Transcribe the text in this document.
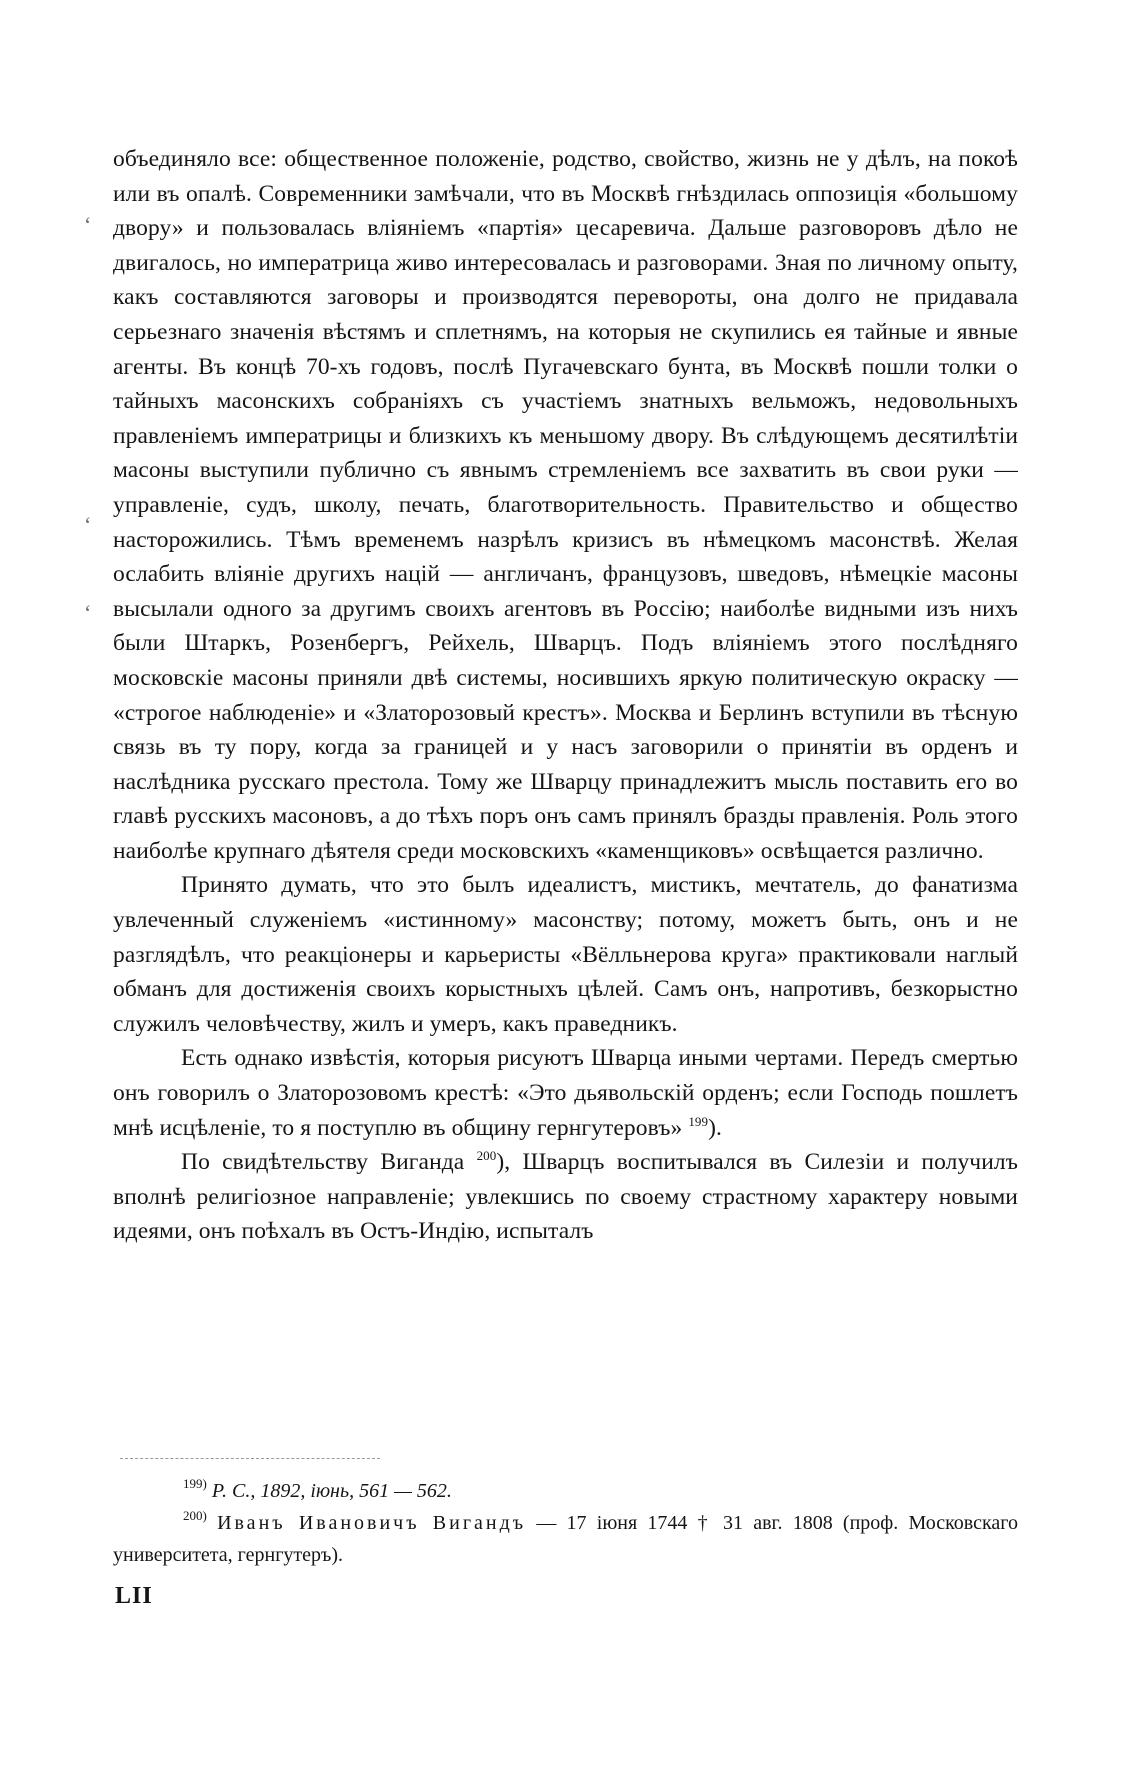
ʻ
ʻ
ʻ

объединяло все: общественное положеніе, родство, свойство, жизнь не у дѣлъ, на покоѣ или въ опалѣ. Современники замѣчали, что въ Москвѣ гнѣздилась оппозиція «большому двору» и пользовалась вліяніемъ «партія» цесаревича. Дальше разговоровъ дѣло не двигалось, но императрица живо интересовалась и разговорами. Зная по личному опыту, какъ составляются заговоры и производятся перевороты, она долго не придавала серьезнаго значенія вѣстямъ и сплетнямъ, на которыя не скупились ея тайные и явные агенты. Въ концѣ 70-хъ годовъ, послѣ Пугачевскаго бунта, въ Москвѣ пошли толки о тайныхъ масонскихъ собраніяхъ съ участіемъ знатныхъ вельможъ, недовольныхъ правленіемъ императрицы и близкихъ къ меньшому двору. Въ слѣдующемъ десятилѣтіи масоны выступили публично съ явнымъ стремленіемъ все захватить въ свои руки — управленіе, судъ, школу, печать, благотворительность. Правительство и общество насторожились. Тѣмъ временемъ назрѣлъ кризисъ въ нѣмецкомъ масонствѣ. Желая ослабить вліяніе другихъ націй — англичанъ, французовъ, шведовъ, нѣмецкіе масоны высылали одного за другимъ своихъ агентовъ въ Россію; наиболѣе видными изъ нихъ были Штаркъ, Розенбергъ, Рейхель, Шварцъ. Подъ вліяніемъ этого послѣдняго московскіе масоны приняли двѣ системы, носившихъ яркую политическую окраску — «строгое наблюденіе» и «Златорозовый крестъ». Москва и Берлинъ вступили въ тѣсную связь въ ту пору, когда за границей и у насъ заговорили о принятіи въ орденъ и наслѣдника русскаго престола. Тому же Шварцу принадлежитъ мысль поставить его во главѣ русскихъ масоновъ, а до тѣхъ поръ онъ самъ принялъ бразды правленія. Роль этого наиболѣе крупнаго дѣятеля среди московскихъ «каменщиковъ» освѣщается различно.

Принято думать, что это былъ идеалистъ, мистикъ, мечтатель, до фанатизма увлеченный служеніемъ «истинному» масонству; потому, можетъ быть, онъ и не разглядѣлъ, что реакціонеры и карьеристы «Вёлльнерова круга» практиковали наглый обманъ для достиженія своихъ корыстныхъ цѣлей. Самъ онъ, напротивъ, безкорыстно служилъ человѣчеству, жилъ и умеръ, какъ праведникъ.

Есть однако извѣстія, которыя рисуютъ Шварца иными чертами. Передъ смертью онъ говорилъ о Златорозовомъ крестѣ: «Это дьявольскій орденъ; если Господь пошлетъ мнѣ исцѣленіе, то я поступлю въ общину гернгутеровъ» $^{199}$).

По свидѣтельству Виганда $^{200}$), Шварцъ воспитывался въ Силезіи и получилъ вполнѣ религіозное направленіе; увлекшись по своему страстному характеру новыми идеями, онъ поѣхалъ въ Остъ-Индію, испыталъ

$^{199)}$ Р. С., 1892, іюнь, 561 — 562.

$^{200)}$ Иванъ Ивановичъ Вигандъ — 17 іюня 1744 † 31 авг. 1808 (проф. Московскаго университета, гернгутеръ).

LII
